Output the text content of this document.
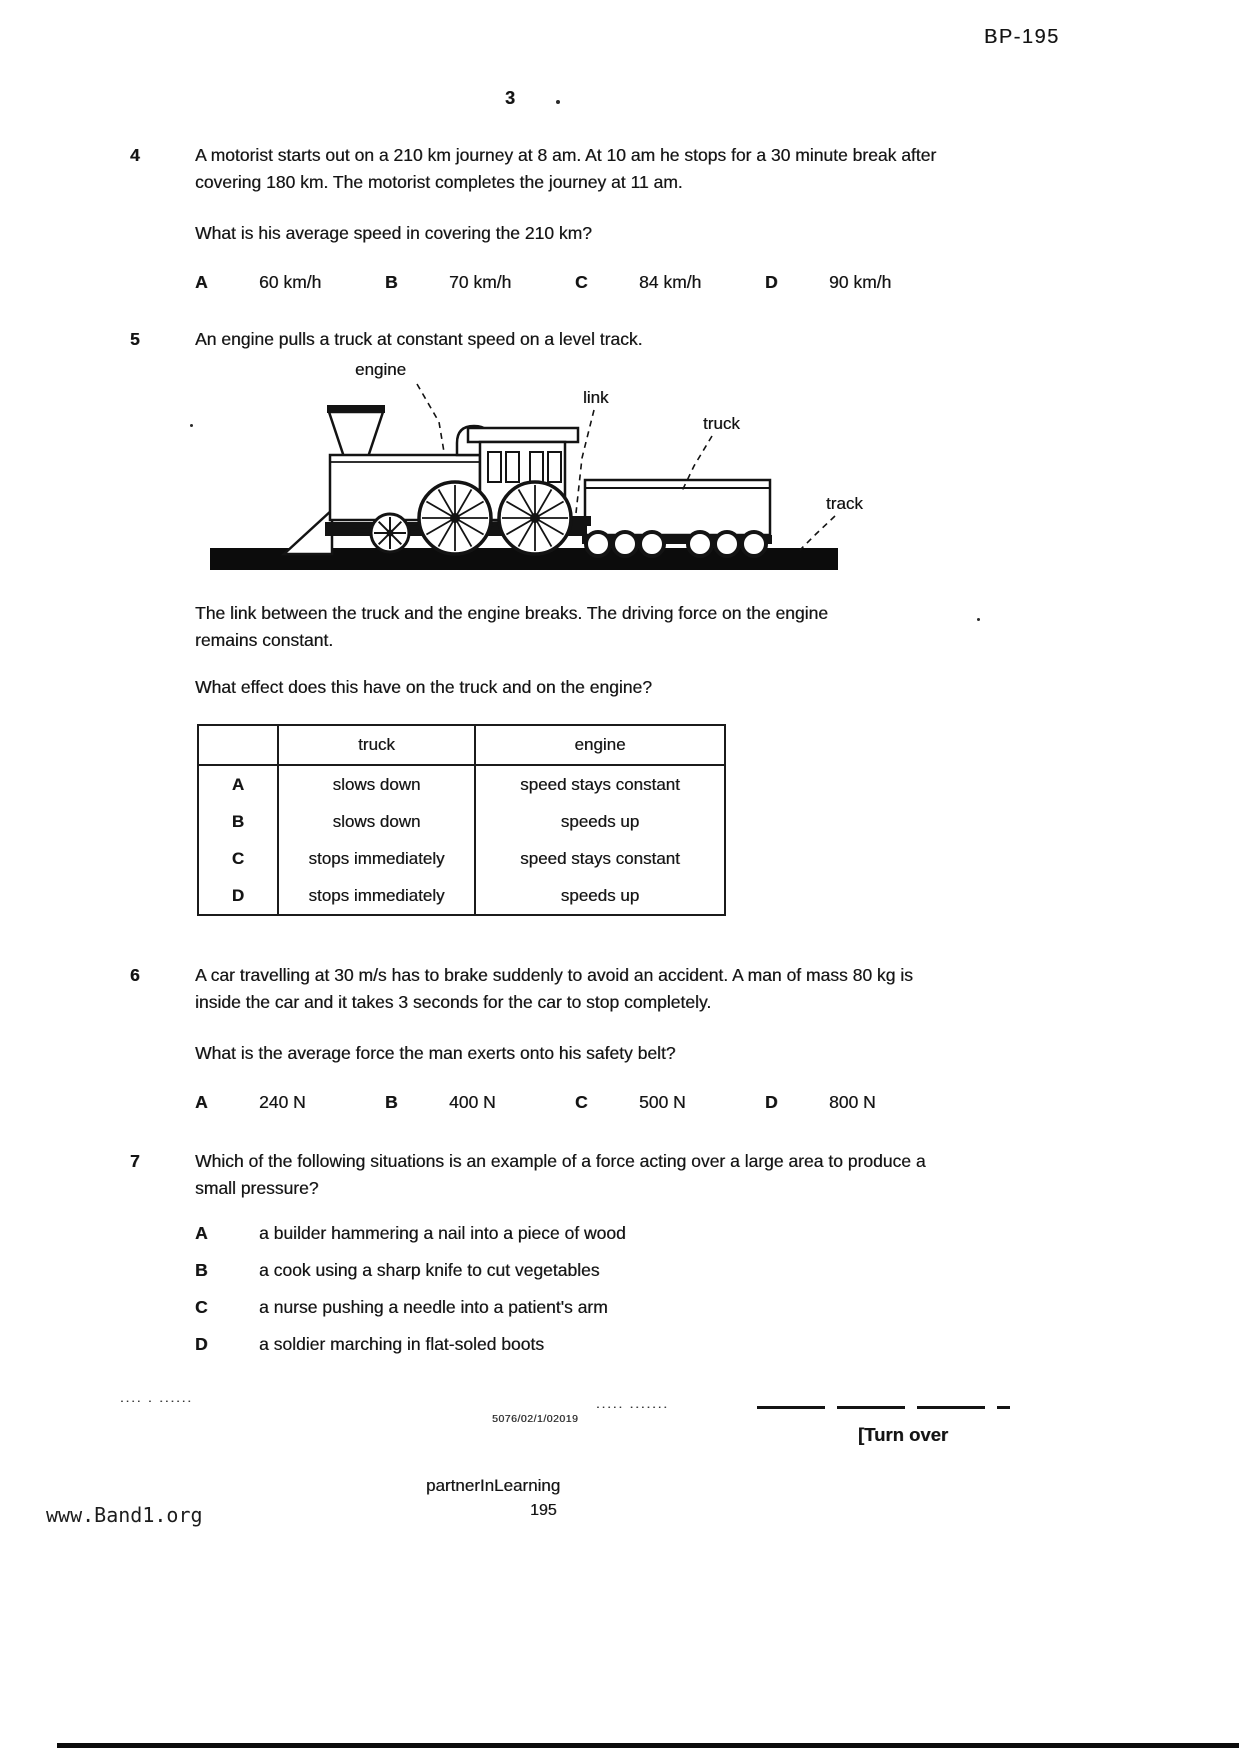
BP-195
3
4	A motorist starts out on a 210 km journey at 8 am. At 10 am he stops for a 30 minute break after covering 180 km. The motorist completes the journey at 11 am.
What is his average speed in covering the 210 km?
A	60 km/h	B	70 km/h	C	84 km/h	D	90 km/h
5	An engine pulls a truck at constant speed on a level track.
engine
link
truck
track
The link between the truck and the engine breaks. The driving force on the engine remains constant.
What effect does this have on the truck and on the engine?
	truck	engine
A	slows down	speed stays constant
B	slows down	speeds up
C	stops immediately	speed stays constant
D	stops immediately	speeds up
6	A car travelling at 30 m/s has to brake suddenly to avoid an accident. A man of mass 80 kg is inside the car and it takes 3 seconds for the car to stop completely.
What is the average force the man exerts onto his safety belt?
A	240 N	B	400 N	C	500 N	D	800 N
7	Which of the following situations is an example of a force acting over a large area to produce a small pressure?
A	a builder hammering a nail into a piece of wood
B	a cook using a sharp knife to cut vegetables
C	a nurse pushing a needle into a patient's arm
D	a soldier marching in flat-soled boots
.... . ......	..... .......
5076/02/1/02019
[Turn over
partnerInLearning
195
www.Band1.org
